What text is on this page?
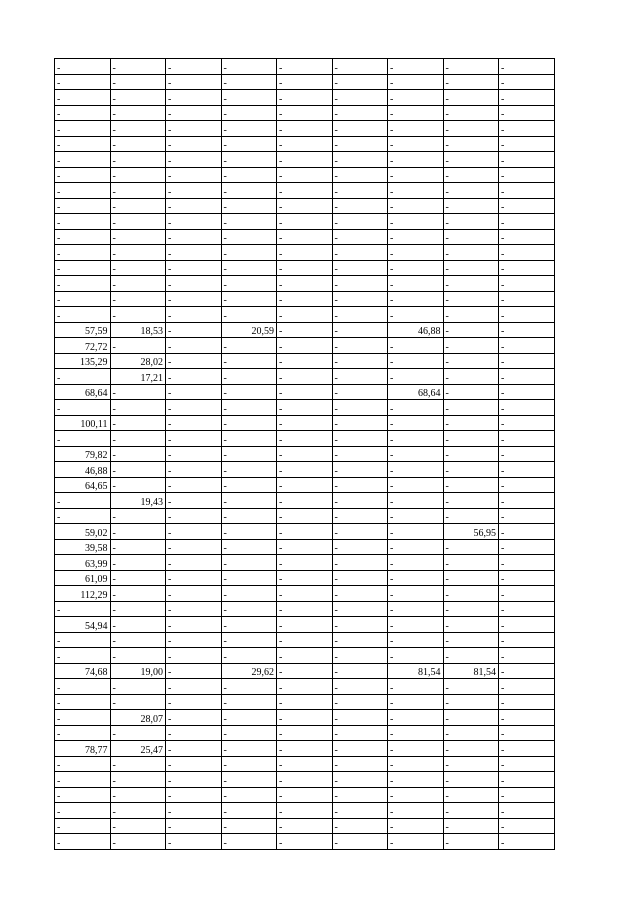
-	-	-	-	-	-	-	-	-
-	-	-	-	-	-	-	-	-
-	-	-	-	-	-	-	-	-
-	-	-	-	-	-	-	-	-
-	-	-	-	-	-	-	-	-
-	-	-	-	-	-	-	-	-
-	-	-	-	-	-	-	-	-
-	-	-	-	-	-	-	-	-
-	-	-	-	-	-	-	-	-
-	-	-	-	-	-	-	-	-
-	-	-	-	-	-	-	-	-
-	-	-	-	-	-	-	-	-
-	-	-	-	-	-	-	-	-
-	-	-	-	-	-	-	-	-
-	-	-	-	-	-	-	-	-
-	-	-	-	-	-	-	-	-
-	-	-	-	-	-	-	-	-
57,59	18,53	-	20,59	-	-	46,88	-	-
72,72	-	-	-	-	-	-	-	-
135,29	28,02	-	-	-	-	-	-	-
-	17,21	-	-	-	-	-	-	-
68,64	-	-	-	-	-	68,64	-	-
-	-	-	-	-	-	-	-	-
100,11	-	-	-	-	-	-	-	-
-	-	-	-	-	-	-	-	-
79,82	-	-	-	-	-	-	-	-
46,88	-	-	-	-	-	-	-	-
64,65	-	-	-	-	-	-	-	-
-	19,43	-	-	-	-	-	-	-
-	-	-	-	-	-	-	-	-
59,02	-	-	-	-	-	-	56,95	-
39,58	-	-	-	-	-	-	-	-
63,99	-	-	-	-	-	-	-	-
61,09	-	-	-	-	-	-	-	-
112,29	-	-	-	-	-	-	-	-
-	-	-	-	-	-	-	-	-
54,94	-	-	-	-	-	-	-	-
-	-	-	-	-	-	-	-	-
-	-	-	-	-	-	-	-	-
74,68	19,00	-	29,62	-	-	81,54	81,54	-
-	-	-	-	-	-	-	-	-
-	-	-	-	-	-	-	-	-
-	28,07	-	-	-	-	-	-	-
-	-	-	-	-	-	-	-	-
78,77	25,47	-	-	-	-	-	-	-
-	-	-	-	-	-	-	-	-
-	-	-	-	-	-	-	-	-
-	-	-	-	-	-	-	-	-
-	-	-	-	-	-	-	-	-
-	-	-	-	-	-	-	-	-
-	-	-	-	-	-	-	-	-
